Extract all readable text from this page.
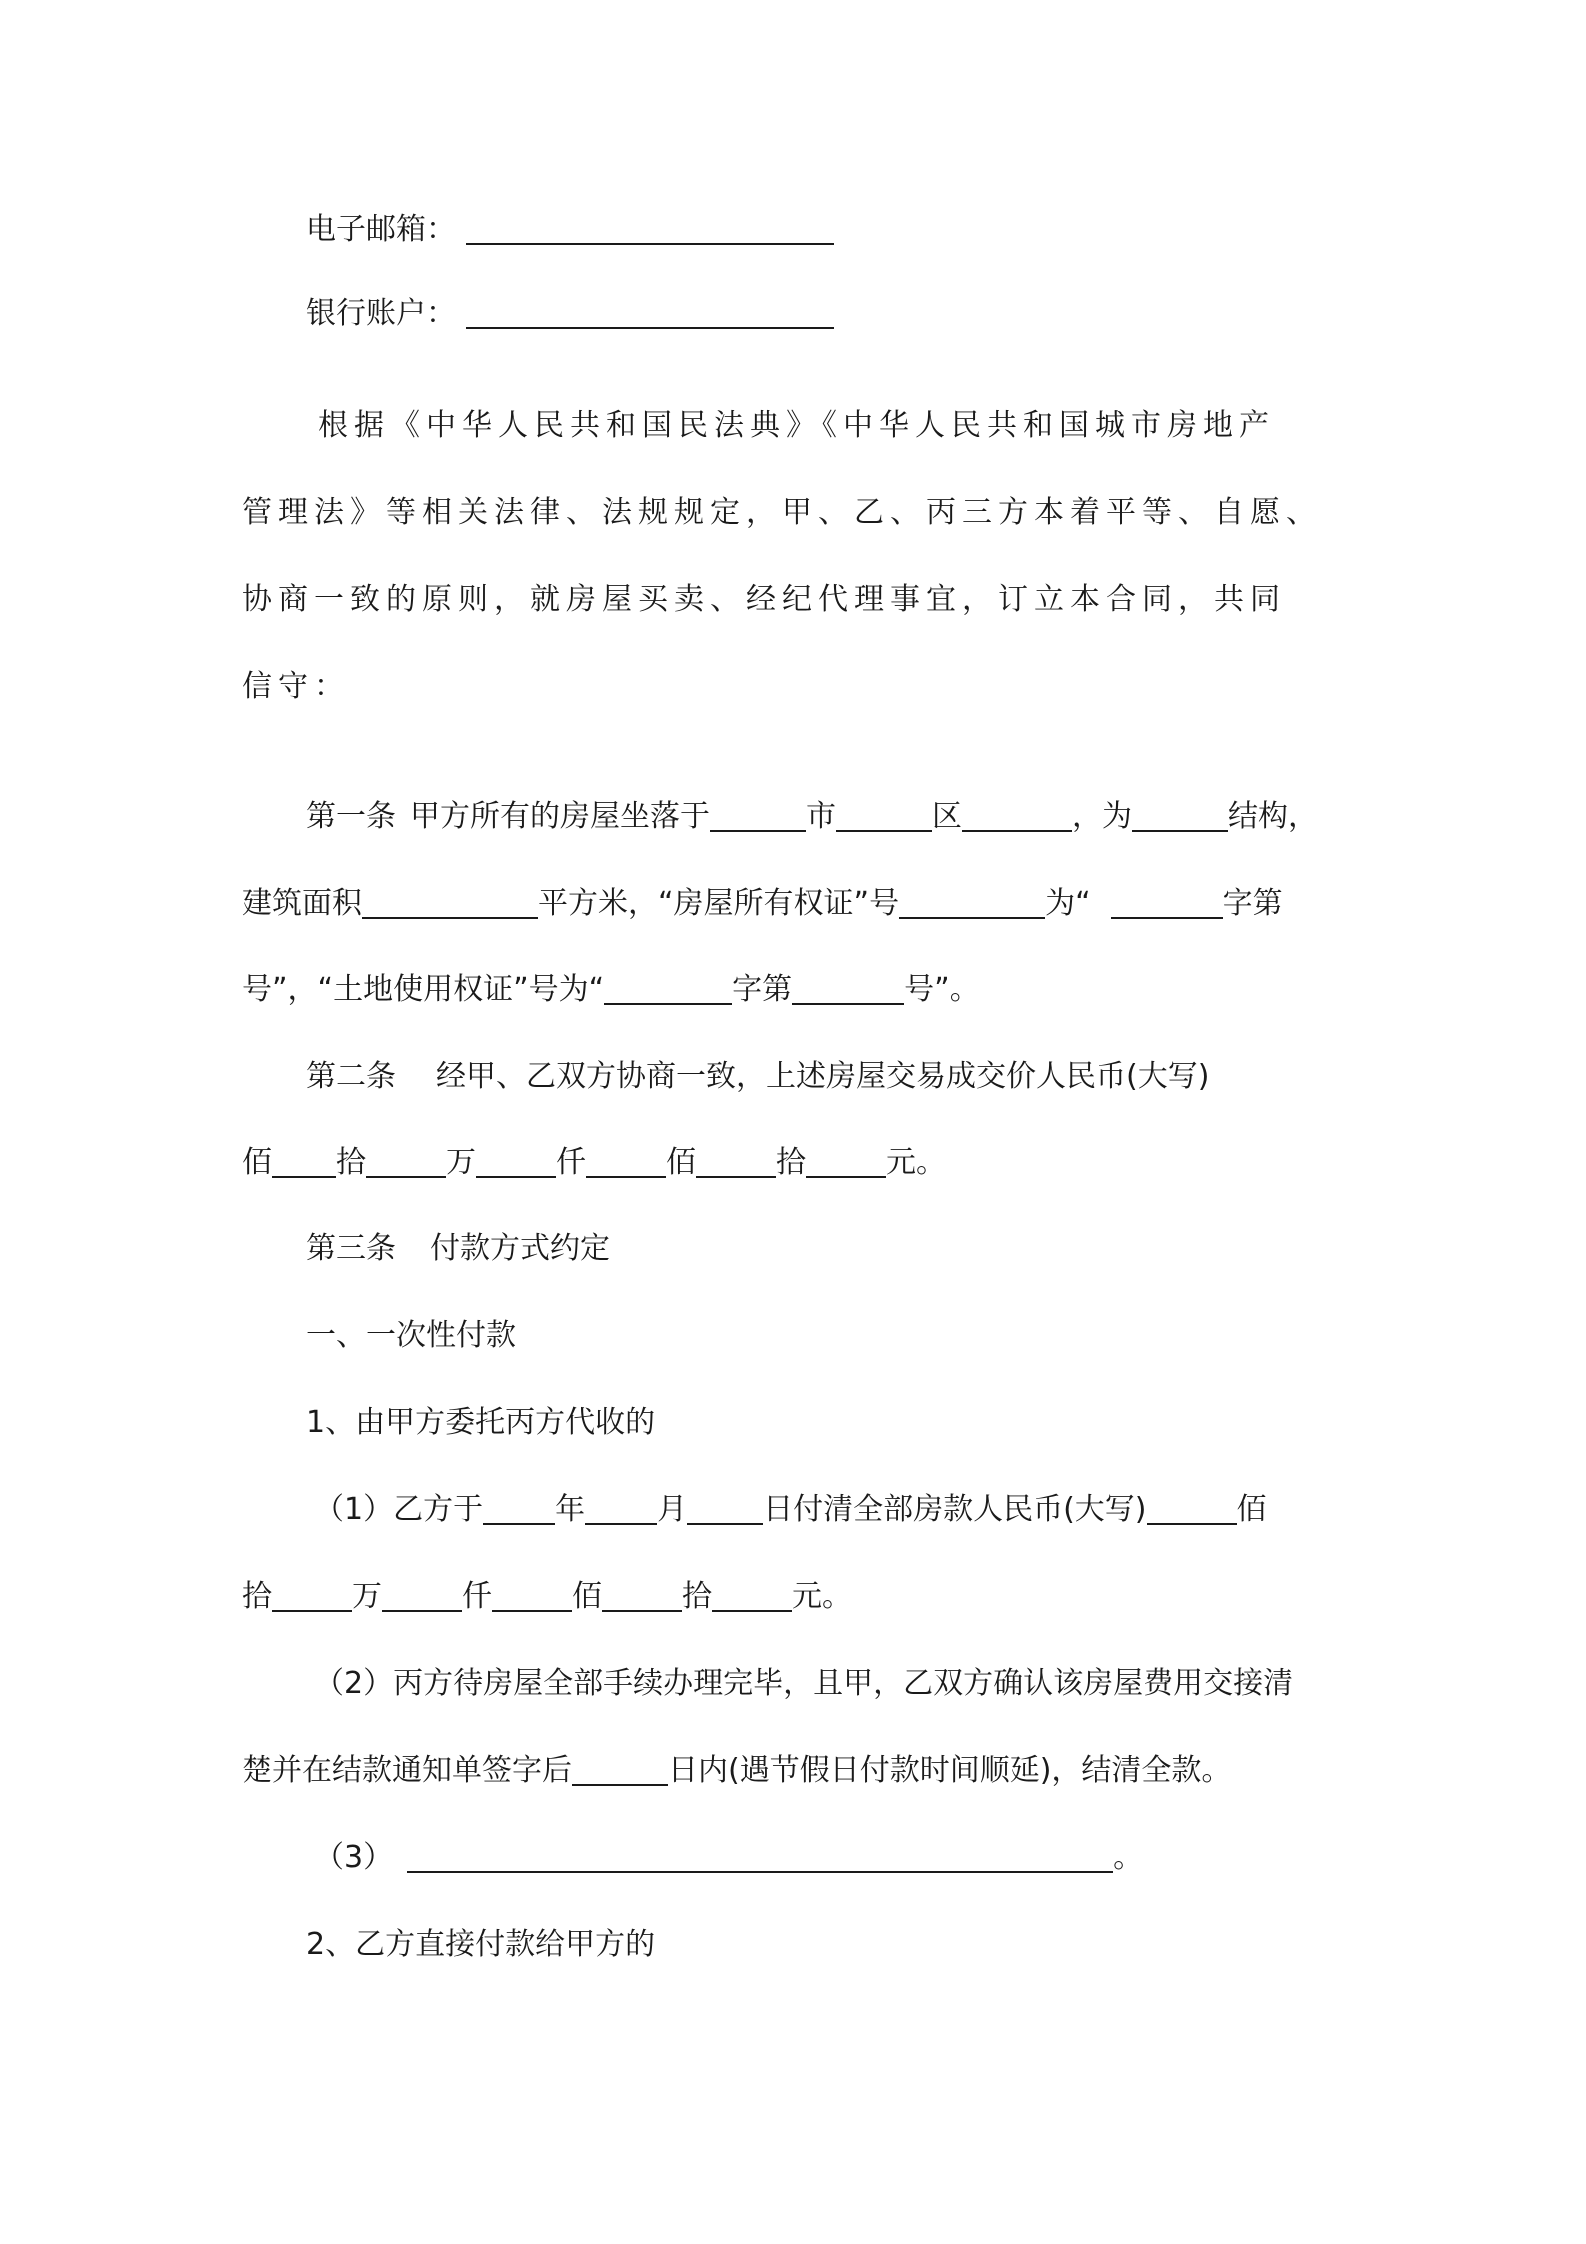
电子邮箱：
银行账户：
根据《中华人民共和国民法典》《中华人民共和国城市房地产
管理法》等相关法律、法规规定，甲、乙、丙三方本着平等、自愿、
协商一致的原则，就房屋买卖、经纪代理事宜，订立本合同，共同
信守：
第一条 甲方所有的房屋坐落于	市	区	，为	结构，
建筑面积	平方米，“房屋所有权证”号	为“	字第
号”，“土地使用权证”号为“	字第	号”。
第二条 经甲、乙双方协商一致，上述房屋交易成交价人民币(大写)
佰 拾	万	仟	佰	拾	元。
第三条 付款方式约定
一、一次性付款
1、由甲方委托丙方代收的
（1）乙方于 年 月	日付清全部房款人民币(大写)	佰
拾	万	仟	佰	拾	元。
（2）丙方待房屋全部手续办理完毕，且甲，乙双方确认该房屋费用交接清
楚并在结款通知单签字后	日内(遇节假日付款时间顺延)，结清全款。
（3）	。
2、乙方直接付款给甲方的
